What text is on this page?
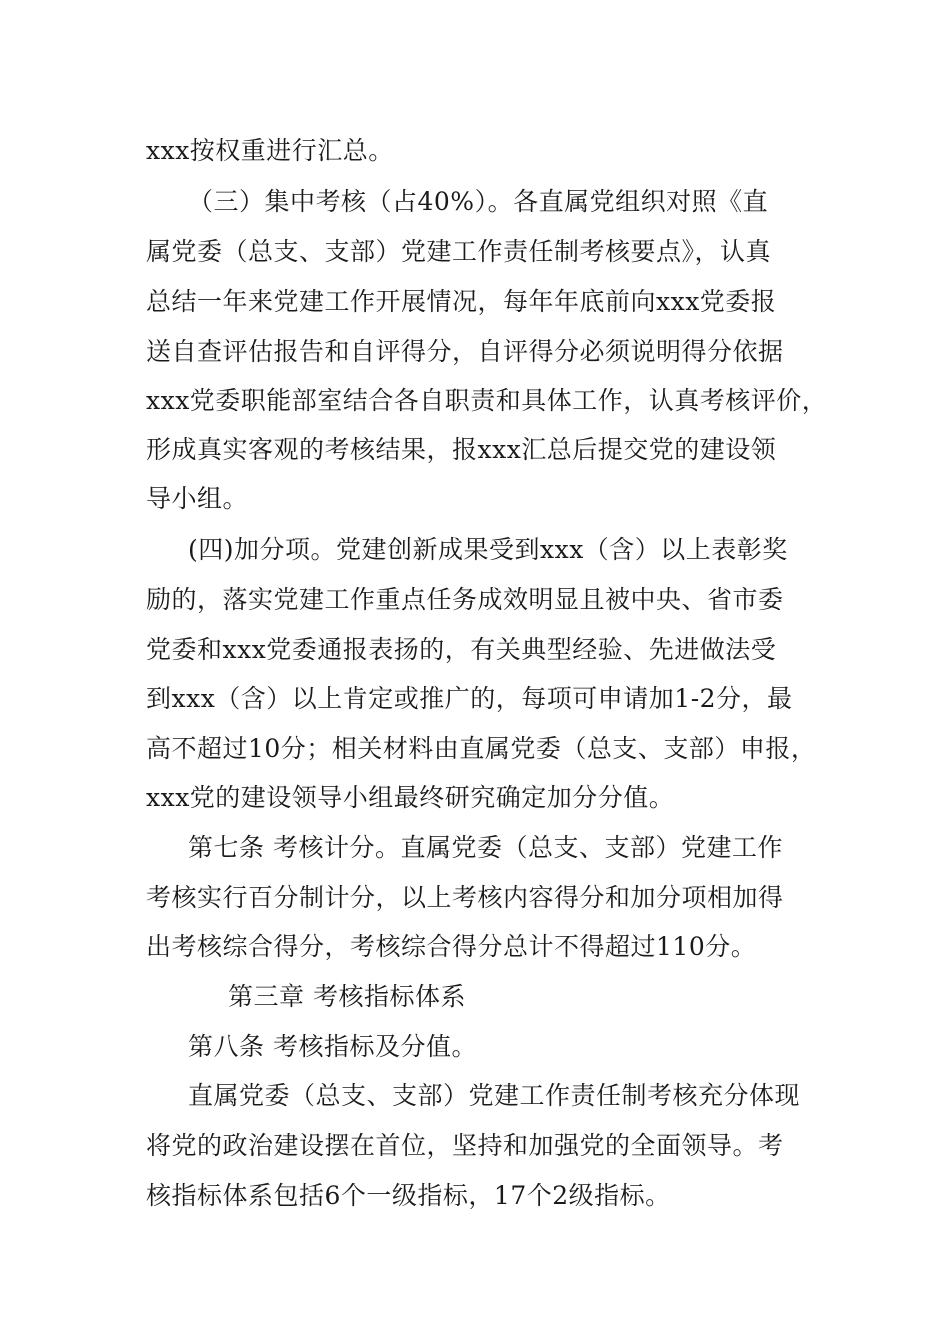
xxx按权重进行汇总。
（三）集中考核（占40%）。各直属党组织对照《直
属党委（总支、支部）党建工作责任制考核要点》，认真
总结一年来党建工作开展情况，每年年底前向xxx党委报
送自查评估报告和自评得分，自评得分必须说明得分依据
xxx党委职能部室结合各自职责和具体工作，认真考核评价，
形成真实客观的考核结果，报xxx汇总后提交党的建设领
导小组。
(四)加分项。党建创新成果受到xxx（含）以上表彰奖
励的，落实党建工作重点任务成效明显且被中央、省市委
党委和xxx党委通报表扬的，有关典型经验、先进做法受
到xxx（含）以上肯定或推广的，每项可申请加1-2分，最
高不超过10分；相关材料由直属党委（总支、支部）申报，
xxx党的建设领导小组最终研究确定加分分值。
第七条 考核计分。直属党委（总支、支部）党建工作
考核实行百分制计分，以上考核内容得分和加分项相加得
出考核综合得分，考核综合得分总计不得超过110分。
第三章 考核指标体系
第八条 考核指标及分值。
直属党委（总支、支部）党建工作责任制考核充分体现
将党的政治建设摆在首位，坚持和加强党的全面领导。考
核指标体系包括6个一级指标，17个2级指标。
